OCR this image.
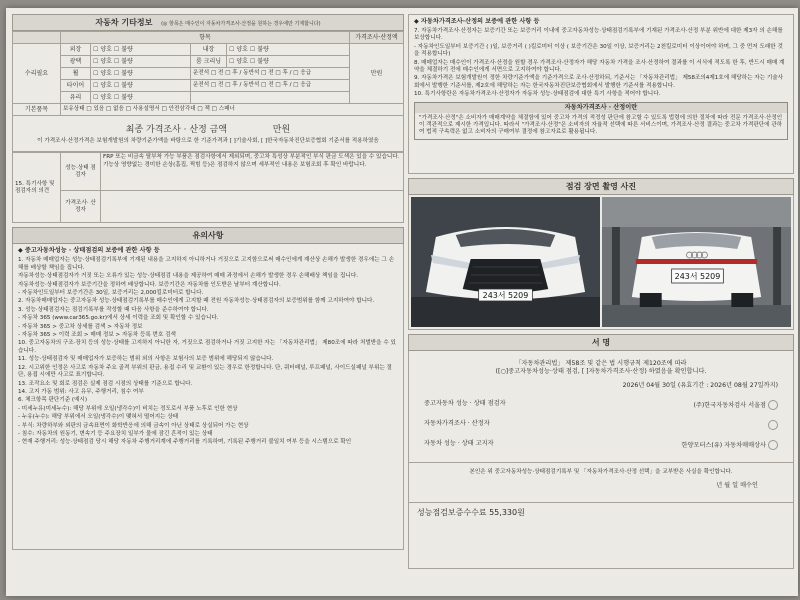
자동차 기타정보 (◎ 항목은 매수인이 자동차가격조사·산정을 원하는 경우에만 기재합니다)
	항목				가격조사·산정액
수리필요	외장	☐ 양호 ☐ 불량	내장	☐ 양호 ☐ 불량	만원
	광택	☐ 양호 ☐ 불량	룸 크리닝	☐ 양호 ☐ 불량
	휠	☐ 양호 ☐ 불량	운전석 □ 전 □ 후 / 동반석 □ 전 □ 후 / □ 응급		
	타이어	☐ 양호 ☐ 불량	운전석 □ 전 □ 후 / 동반석 □ 전 □ 후 / □ 응급		
	유리	☐ 양호 ☐ 불량	
기본품목	보유상태 □ 있음 □ 없음 □ 사용설명서 □ 안전삼각대 □ 잭 □ 스패너				
최종 가격조사 · 산정 금액	만원
이 가격조사·산정가격은 보험개발원의 차량기준가액을 바탕으로 한 기준가격과 [ ]기술사회, [ ]한국자동차진단보증협회 기준서를 적용하였음
15. 특기사항 및 점검자의 의견	성능·상태 점검자	FRP 또는 비금속 탈부착 가능 부품은 점검사항에서 제외되며, 중고차 특성상 부분적인 부식 판금 도색은 있을 수 있습니다. 기능상 영향없는 경미한 손상(흠집, 찍힘 등)은 점검하지 않으며 세부적인 내용은 보험조회 후 확인 바랍니다.
	가격조사· 산정자	
유의사항
◆ 중고자동차성능 · 상태점검의 보증에 관한 사항 등
1. 자동차 매매업자는 성능·상태점검기록부에 기재된 내용을 고지하지 아니하거나 거짓으로 고지함으로써 매수인에게 재산상 손해가 발생한 경우에는 그 손해를 배상할 책임을 집니다.
자동차성능·상태점검자가 거짓 또는 오류가 있는 성능·상태점검 내용을 제공하여 매매 과정에서 손해가 발생한 경우 손해배상 책임을 집니다.
자동차성능·상태점검자가 보증기간을 정하여 배상합니다. 보증기간은 자동차를 인도받은 날부터 계산합니다.
- 자동차인도일부터 보증기간은 30일, 보증거리는 2,000킬로미터로 합니다.
2. 자동차매매업자는 중고자동차 성능·상태점검기록부를 매수인에게 고지할 때 전원 자동차성능·상태점검자의 보증범위를 함께 고지하여야 합니다.
3. 성능·상태점검자는 점검기록부를 작성할 때 다음 사항을 준수하여야 합니다.
- 자동차 365 (www.car365.go.kr)에서 상세 이력을 조회 및 확인할 수 있습니다.
- 자동차 365 > 중고차 상세를 검색 > 자동차 정보
- 자동차 365 > 이력 조회 > 매매 정보 > 자동차 등록 번호 검색
10. 중고자동차의 구조·장치 등의 성능·상태를 고지하지 아니한 자, 거짓으로 점검하거나 거짓 고지한 자는 「자동차관리법」 제80조에 따라 처벌받을 수 있습니다.
11. 성능·상태점검자 및 매매업자가 보증하는 범위 외의 사항은 보험사의 보증 범위에 해당되지 않습니다.
12. 시고위한 인정은 사고로 자동차 주요 골격 부위의 판금, 용접 수리 및 교환이 있는 경우로 한정합니다. 단, 쿼터패널, 루프패널, 사이드실패널 부위는 절단, 용접 시에만 사고로 표기합니다.
13. 조작요소 및 회로 점검은 실제 점검 시점의 상태를 기준으로 합니다.
14. 고지 가동 범위: 사고 유무, 주행거리, 침수 여부
6. 체크항목 판단기준 (예시)
- 미세누유(미세누수): 해당 부위에 오일(냉각수)이 비치는 정도로서 부품 노후로 인한 현상
- 누유(누수): 해당 부위에서 오일(냉각수)이 맺혀서 떨어지는 상태
- 부식: 차량하부와 외판의 금속표면이 화학반응에 의해 금속이 아닌 상태로 상실되어 가는 현상
- 침수: 자동차의 원동기, 변속기 등 주요장치 일부가 물에 잠긴 흔적이 있는 상태
- 현재 주행거리: 성능·상태점검 당시 해당 자동차 주행거리계에 주행거리를 기록하며, 기록된 주행거리 불일치 여부 등을 시스템으로 확인
◆ 자동차가격조사·산정의 보증에 관한 사항 등
7. 자동차가격조사·산정자는 보증기간 또는 보증거리 이내에 중고자동차성능·상태점검기록부에 기재된 가격조사·산정 부분 위반에 대한 제3자 의 손해를 보상합니다.
- 자동차인도일부터 보증기간 ( )일, 보증거리 ( )킬로미터 이상 ( 보증기간은 30일 이상, 보증거리는 2천킬로미터 이상이어야 하며, 그 중 먼저 도래한 것을 적용합니다)
8. 매매업자는 매수인이 가격조사·산정을 원할 경우 가격조사·산정자가 해당 자동차 가격을 조사·산정하여 결과를 이 서식에 적도록 한 후, 반드시 매매 계약을 체결하기 전에 매수인에게 서면으로 고지하여야 합니다.
9. 자동차가격은 보험개발원이 정한 차량기준가액을 기준가격으로 조사·산정하되, 기준서는 「자동차관리법」 제58조의4제1호에 해당하는 자는 기술사회에서 발행한 기준서를, 제2호에 해당하는 자는 한국자동차진단보증협회에서 발행한 기준서를 적용합니다.
10. 특기사항란은 자동차가격조사·산정자가 자동차 성능·상태점검에 대한 특기 사항을 적어야 합니다.
자동차가격조사 · 산정이란
"가격조사·산정"은 소비자가 매매계약을 체결함에 있어 중고차 가격의 적정성 판단에 참고할 수 있도록 법령에 의한 절차에 따라 전문 가격조사·산정인이 객관적으로 제시한 가격입니다. 따라서 "가격조사·산정"은 소비자의 자율적 선택에 따른 서비스이며, 가격조사·산정 결과는 중고차 가격판단에 관하여 법적 구속력은 없고 소비자의 구매여부 결정에 참고자료로 활용됩니다.
점검 장면 촬영 사진
243서 5209
243서 5209
서 명
「자동차관리법」 제58조 및 같은 법 시행규칙 제120조에 따라
([○]중고자동차성능·상태 점검, [ ]자동차가격조사·산정) 하였음을 확인합니다.
2026년 04월 30일 (유효기간 : 2026년 08월 27일까지)
중고자동차 성능 · 상태 점검자	(주)한국자동차검사 서울점
자동차가격조사 · 산정자
자동차 성능 · 상태 고지자	한양모터스(유) 자동차매매상사
본인은 위 중고자동차성능·상태점검기록부 및 「자동차가격조사·산정 선택」을 교부받은 사실을 확인합니다.
년 월 일 매수인
성능점검보증수수료 55,330원
